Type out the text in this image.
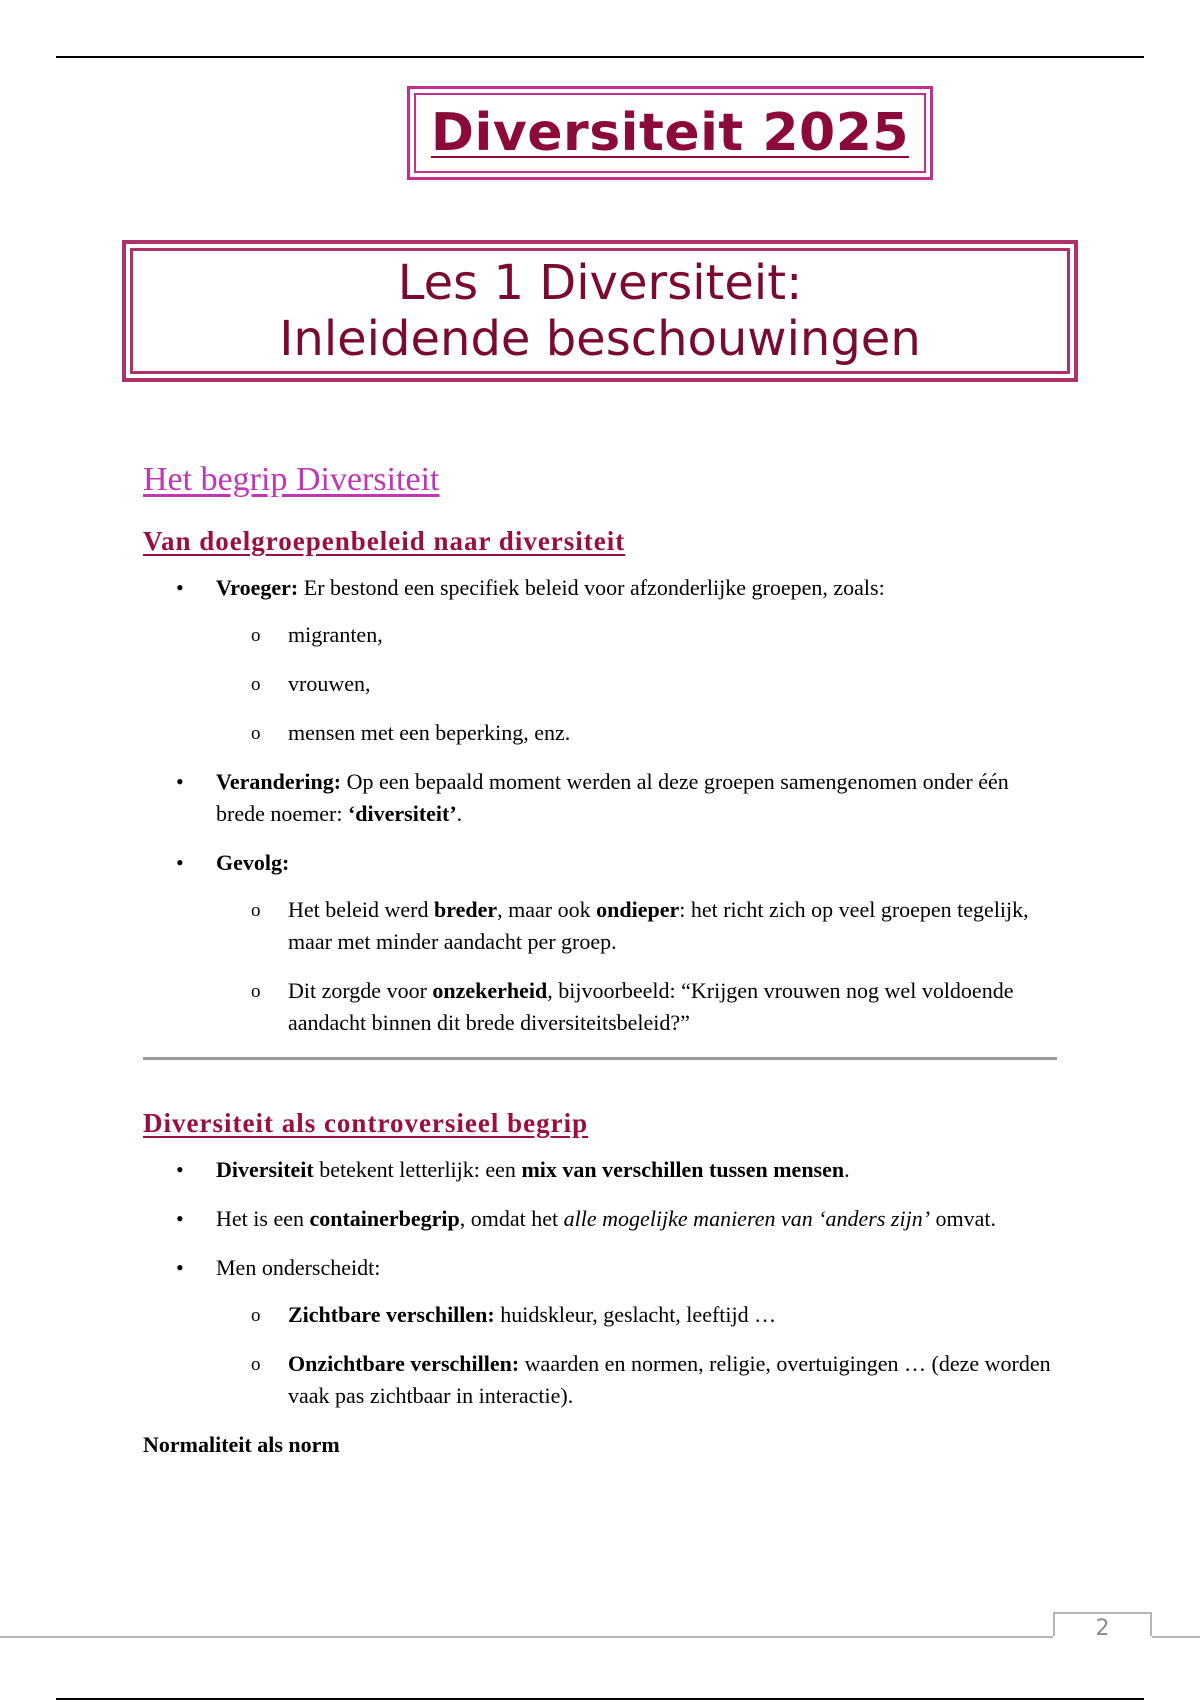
Diversiteit 2025
Les 1 Diversiteit:
Inleidende beschouwingen
Het begrip Diversiteit
Van doelgroepenbeleid naar diversiteit
• Vroeger: Er bestond een specifiek beleid voor afzonderlijke groepen, zoals:
o migranten,
o vrouwen,
o mensen met een beperking, enz.
• Verandering: Op een bepaald moment werden al deze groepen samengenomen onder één brede noemer: ‘diversiteit’.
• Gevolg:
o Het beleid werd breder, maar ook ondieper: het richt zich op veel groepen tegelijk, maar met minder aandacht per groep.
o Dit zorgde voor onzekerheid, bijvoorbeeld: “Krijgen vrouwen nog wel voldoende aandacht binnen dit brede diversiteitsbeleid?”
Diversiteit als controversieel begrip
• Diversiteit betekent letterlijk: een mix van verschillen tussen mensen.
• Het is een containerbegrip, omdat het alle mogelijke manieren van ‘anders zijn’ omvat.
• Men onderscheidt:
o Zichtbare verschillen: huidskleur, geslacht, leeftijd …
o Onzichtbare verschillen: waarden en normen, religie, overtuigingen … (deze worden vaak pas zichtbaar in interactie).
Normaliteit als norm
2
